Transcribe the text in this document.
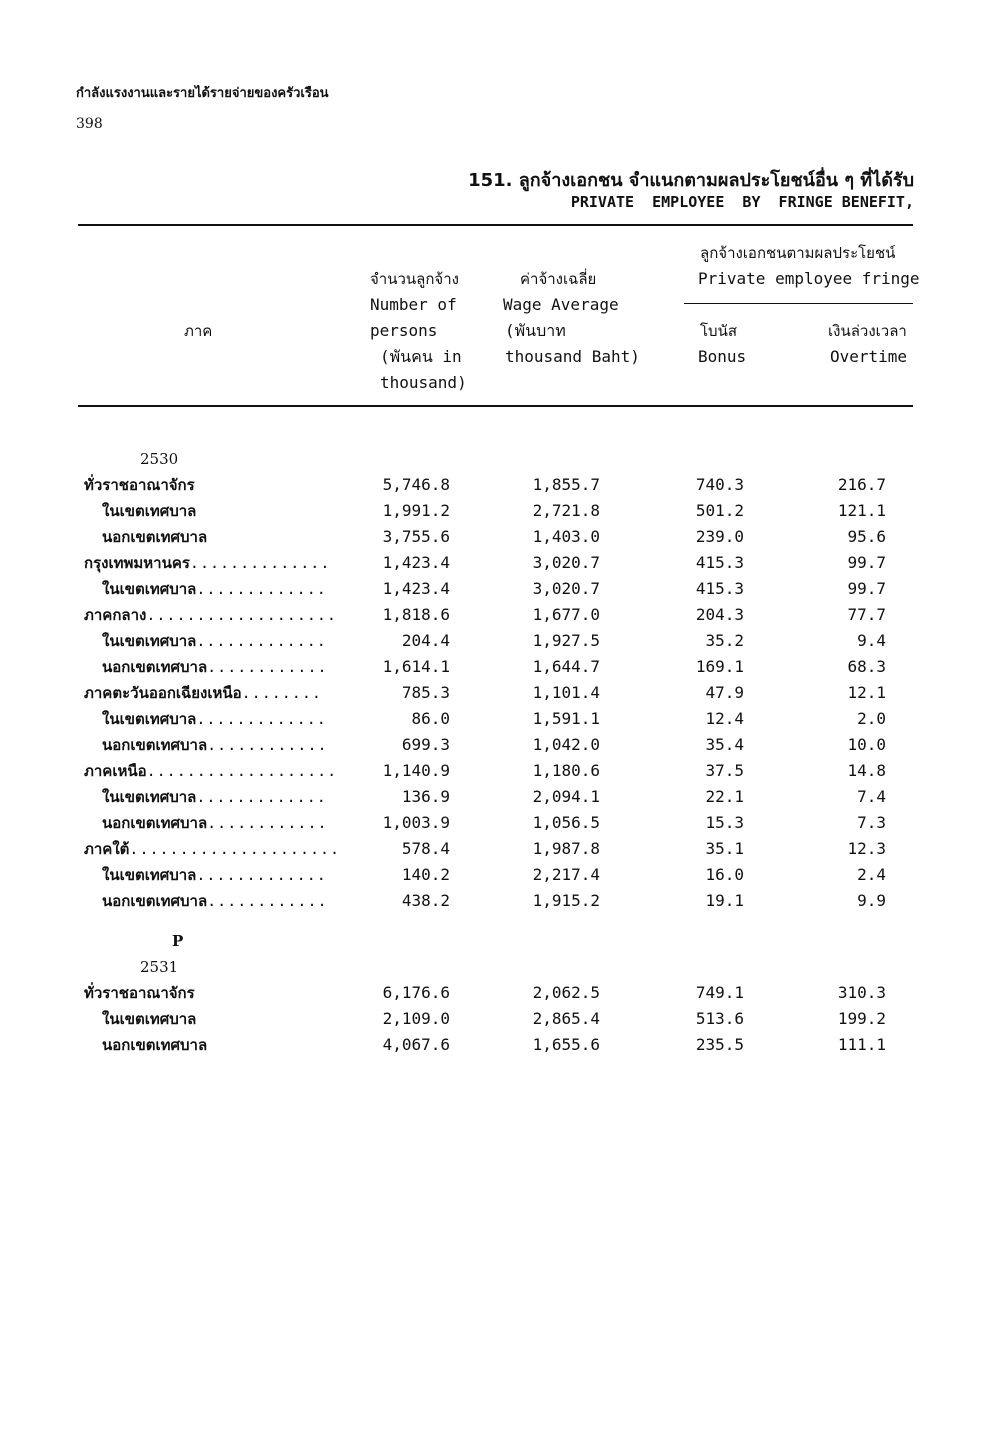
กำลังแรงงานและรายได้รายจ่ายของครัวเรือน
398
151. ลูกจ้างเอกชน จำแนกตามผลประโยชน์อื่น ๆ ที่ได้รับ
PRIVATE  EMPLOYEE  BY  FRINGE BENEFIT,
ภาค
จำนวนลูกจ้าง
Number of
persons
(พันคน in
thousand)
ค่าจ้างเฉลี่ย
Wage Average
(พันบาท
thousand Baht)
ลูกจ้างเอกชนตามผลประโยชน์
Private employee fringe
โบนัส
Bonus
เงินล่วงเวลา
Overtime
2530
ทั่วราชอาณาจักร	5,746.8	1,855.7	740.3	216.7
ในเขตเทศบาล	1,991.2	2,721.8	501.2	121.1
นอกเขตเทศบาล	3,755.6	1,403.0	239.0	95.6
กรุงเทพมหานคร..............	1,423.4	3,020.7	415.3	99.7
ในเขตเทศบาล.............	1,423.4	3,020.7	415.3	99.7
ภาคกลาง...................	1,818.6	1,677.0	204.3	77.7
ในเขตเทศบาล.............	204.4	1,927.5	35.2	9.4
นอกเขตเทศบาล............	1,614.1	1,644.7	169.1	68.3
ภาคตะวันออกเฉียงเหนือ........	785.3	1,101.4	47.9	12.1
ในเขตเทศบาล.............	86.0	1,591.1	12.4	2.0
นอกเขตเทศบาล............	699.3	1,042.0	35.4	10.0
ภาคเหนือ...................	1,140.9	1,180.6	37.5	14.8
ในเขตเทศบาล.............	136.9	2,094.1	22.1	7.4
นอกเขตเทศบาล............	1,003.9	1,056.5	15.3	7.3
ภาคใต้.....................	578.4	1,987.8	35.1	12.3
ในเขตเทศบาล.............	140.2	2,217.4	16.0	2.4
นอกเขตเทศบาล............	438.2	1,915.2	19.1	9.9
P
2531
ทั่วราชอาณาจักร	6,176.6	2,062.5	749.1	310.3
ในเขตเทศบาล	2,109.0	2,865.4	513.6	199.2
นอกเขตเทศบาล	4,067.6	1,655.6	235.5	111.1
